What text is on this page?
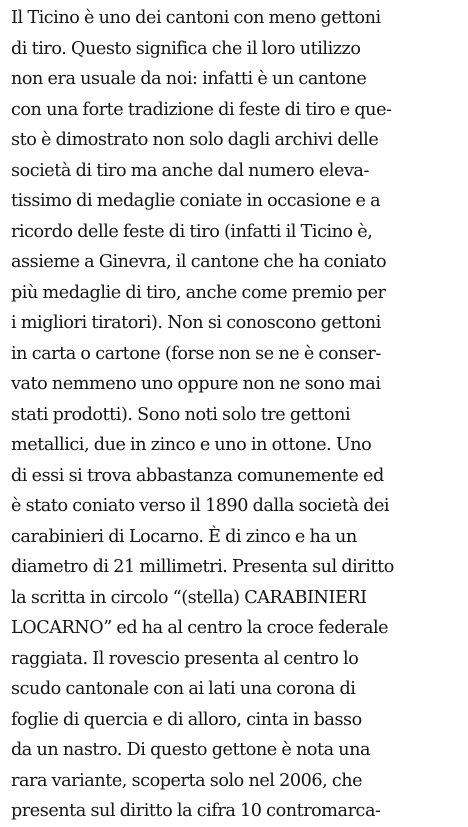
Il Ticino è uno dei cantoni con meno gettoni
di tiro. Questo significa che il loro utilizzo
non era usuale da noi: infatti è un cantone
con una forte tradizione di feste di tiro e que-
sto è dimostrato non solo dagli archivi delle
società di tiro ma anche dal numero eleva-
tissimo di medaglie coniate in occasione e a
ricordo delle feste di tiro (infatti il Ticino è,
assieme a Ginevra, il cantone che ha coniato
più medaglie di tiro, anche come premio per
i migliori tiratori). Non si conoscono gettoni
in carta o cartone (forse non se ne è conser-
vato nemmeno uno oppure non ne sono mai
stati prodotti). Sono noti solo tre gettoni
metallici, due in zinco e uno in ottone. Uno
di essi si trova abbastanza comunemente ed
è stato coniato verso il 1890 dalla società dei
carabinieri di Locarno. È di zinco e ha un
diametro di 21 millimetri. Presenta sul diritto
la scritta in circolo “(stella) CARABINIERI
LOCARNO” ed ha al centro la croce federale
raggiata. Il rovescio presenta al centro lo
scudo cantonale con ai lati una corona di
foglie di quercia e di alloro, cinta in basso
da un nastro. Di questo gettone è nota una
rara variante, scoperta solo nel 2006, che
presenta sul diritto la cifra 10 contromarca-
